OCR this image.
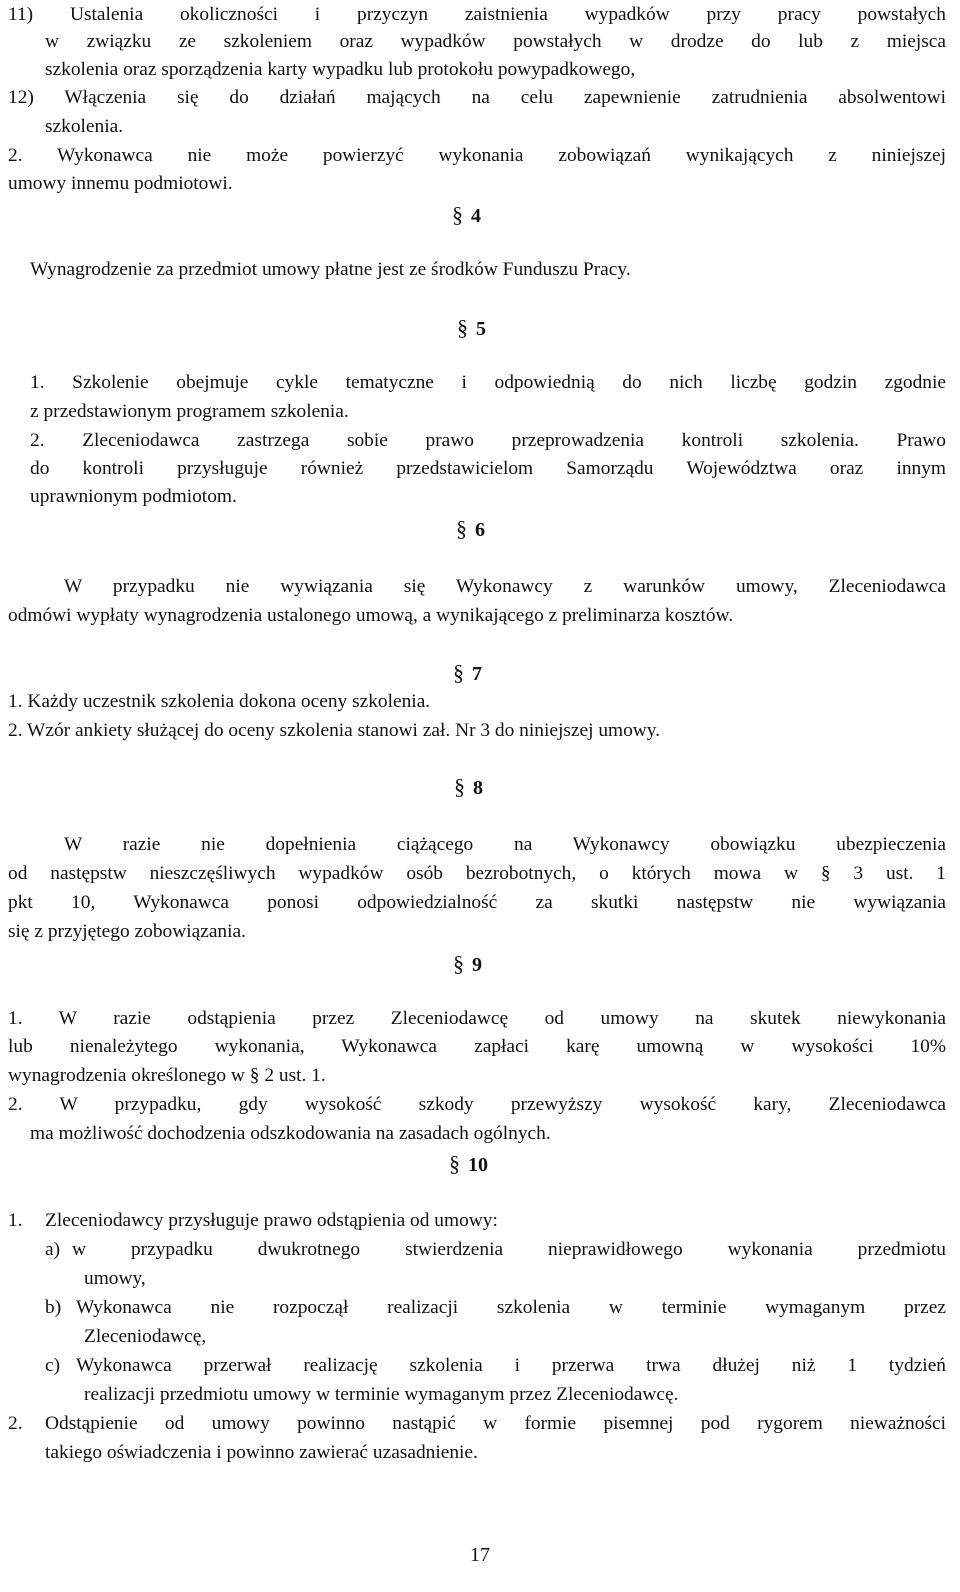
11) Ustalenia okoliczności i przyczyn zaistnienia wypadków przy pracy powstałych
w związku ze szkoleniem oraz wypadków powstałych w drodze do lub z miejsca
szkolenia oraz sporządzenia karty wypadku lub protokołu powypadkowego,
12) Włączenia się do działań mających na celu zapewnienie zatrudnienia absolwentowi
szkolenia.
2. Wykonawca nie może powierzyć wykonania zobowiązań wynikających z niniejszej
umowy innemu podmiotowi.
§ 4
Wynagrodzenie za przedmiot umowy płatne jest ze środków Funduszu Pracy.
§ 5
1. Szkolenie obejmuje cykle tematyczne i odpowiednią do nich liczbę godzin zgodnie
z przedstawionym programem szkolenia.
2. Zleceniodawca zastrzega sobie prawo przeprowadzenia kontroli szkolenia. Prawo
do kontroli przysługuje również przedstawicielom Samorządu Województwa oraz innym
uprawnionym podmiotom.
§ 6
W przypadku nie wywiązania się Wykonawcy z warunków umowy, Zleceniodawca
odmówi wypłaty wynagrodzenia ustalonego umową, a wynikającego z preliminarza kosztów.
§ 7
1. Każdy uczestnik szkolenia dokona oceny szkolenia.
2. Wzór ankiety służącej do oceny szkolenia stanowi zał. Nr 3 do niniejszej umowy.
§ 8
W razie nie dopełnienia ciążącego na Wykonawcy obowiązku ubezpieczenia
od następstw nieszczęśliwych wypadków osób bezrobotnych, o których mowa w § 3 ust. 1
pkt 10, Wykonawca ponosi odpowiedzialność za skutki następstw nie wywiązania
się z przyjętego zobowiązania.
§ 9
1. W razie odstąpienia przez Zleceniodawcę od umowy na skutek niewykonania
lub nienależytego wykonania, Wykonawca zapłaci karę umowną w wysokości 10%
wynagrodzenia określonego w § 2 ust. 1.
2. W przypadku, gdy wysokość szkody przewyższy wysokość kary, Zleceniodawca
ma możliwość dochodzenia odszkodowania na zasadach ogólnych.
§ 10
1.	Zleceniodawcy przysługuje prawo odstąpienia od umowy:
a) w przypadku dwukrotnego stwierdzenia nieprawidłowego wykonania przedmiotu
umowy,
b) Wykonawca nie rozpoczął realizacji szkolenia w terminie wymaganym przez
Zleceniodawcę,
c) Wykonawca przerwał realizację szkolenia i przerwa trwa dłużej niż 1 tydzień
realizacji przedmiotu umowy w terminie wymaganym przez Zleceniodawcę.
2.	Odstąpienie od umowy powinno nastąpić w formie pisemnej pod rygorem nieważności
takiego oświadczenia i powinno zawierać uzasadnienie.
17
